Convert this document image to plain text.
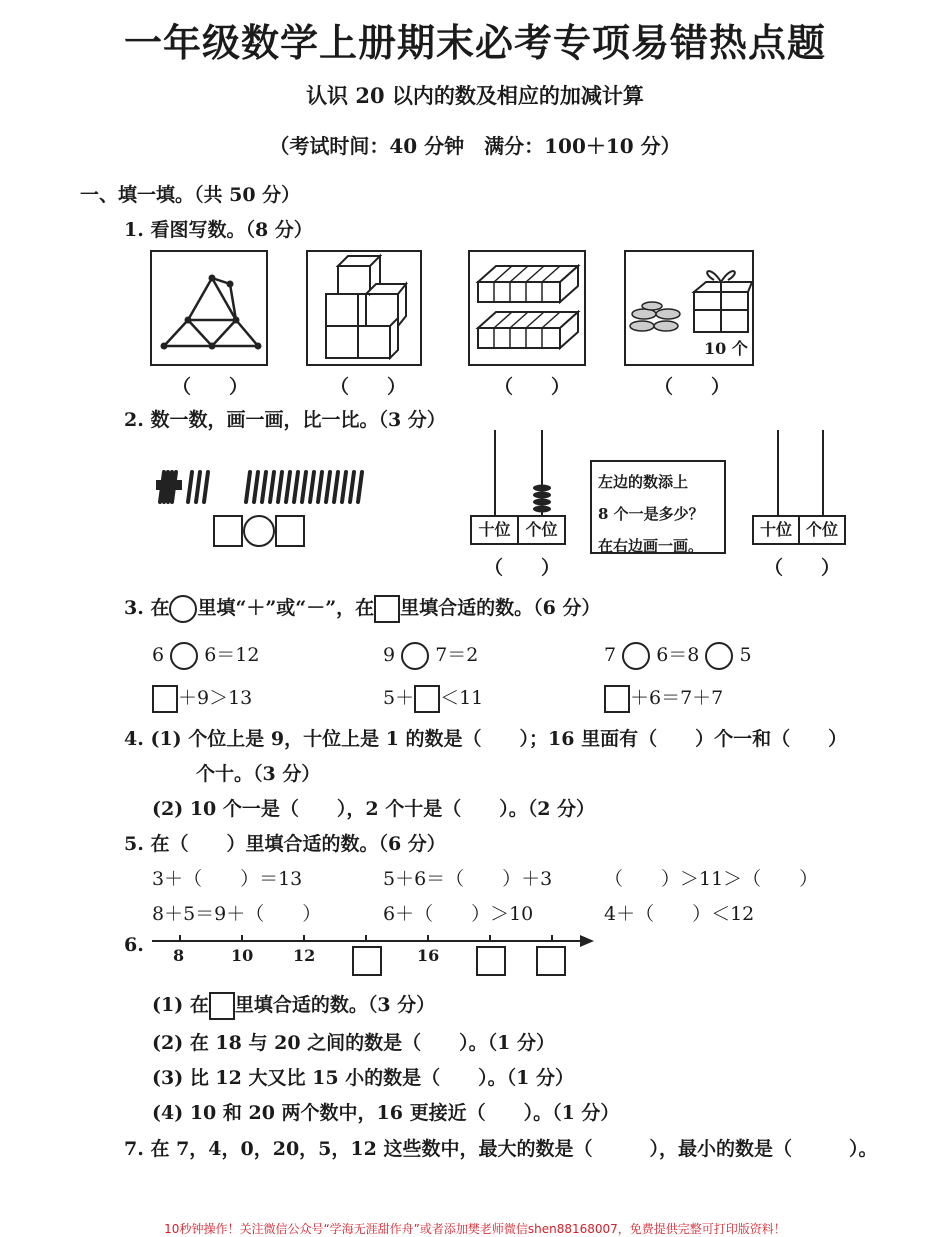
一年级数学上册期末必考专项易错热点题
认识 20 以内的数及相应的加减计算
（考试时间：40 分钟　满分：100＋10 分）
一、填一填。（共 50 分）
1. 看图写数。（8 分）
10 个
（　　）	（　　）	（　　）	（　　）
2. 数一数，画一画，比一比。（3 分）
十位 个位
（　　）
左边的数添上
8 个一是多少？
在右边画一画。
十位 个位
（　　）
3. 在 里填“＋”或“－”，在 里填合适的数。（6 分）
6 6＝12	9 7＝2	7 6＝8 5
＋9＞13	5＋ ＜11	＋6＝7＋7
4. (1) 个位上是 9，十位上是 1 的数是（　　）；16 里面有（　　）个一和（　　）
个十。（3 分）
(2) 10 个一是（　　），2 个十是（　　）。（2 分）
5. 在（　　）里填合适的数。（6 分）
3＋（　　）＝13	5＋6＝（　　）＋3	（　　）＞11＞（　　）
8＋5＝9＋（　　）	6＋（　　）＞10	4＋（　　）＜12
6. 8	10 12	16
(1) 在 里填合适的数。（3 分）
(2) 在 18 与 20 之间的数是（　　）。（1 分）
(3) 比 12 大又比 15 小的数是（　　）。（1 分）
(4) 10 和 20 两个数中，16 更接近（　　）。（1 分）
7. 在 7，4，0，20，5，12 这些数中，最大的数是（　　　），最小的数是（　　　）。
10秒钟操作！关注微信公众号“学海无涯甜作舟”或者添加樊老师微信shen88168007，免费提供完整可打印版资料！
